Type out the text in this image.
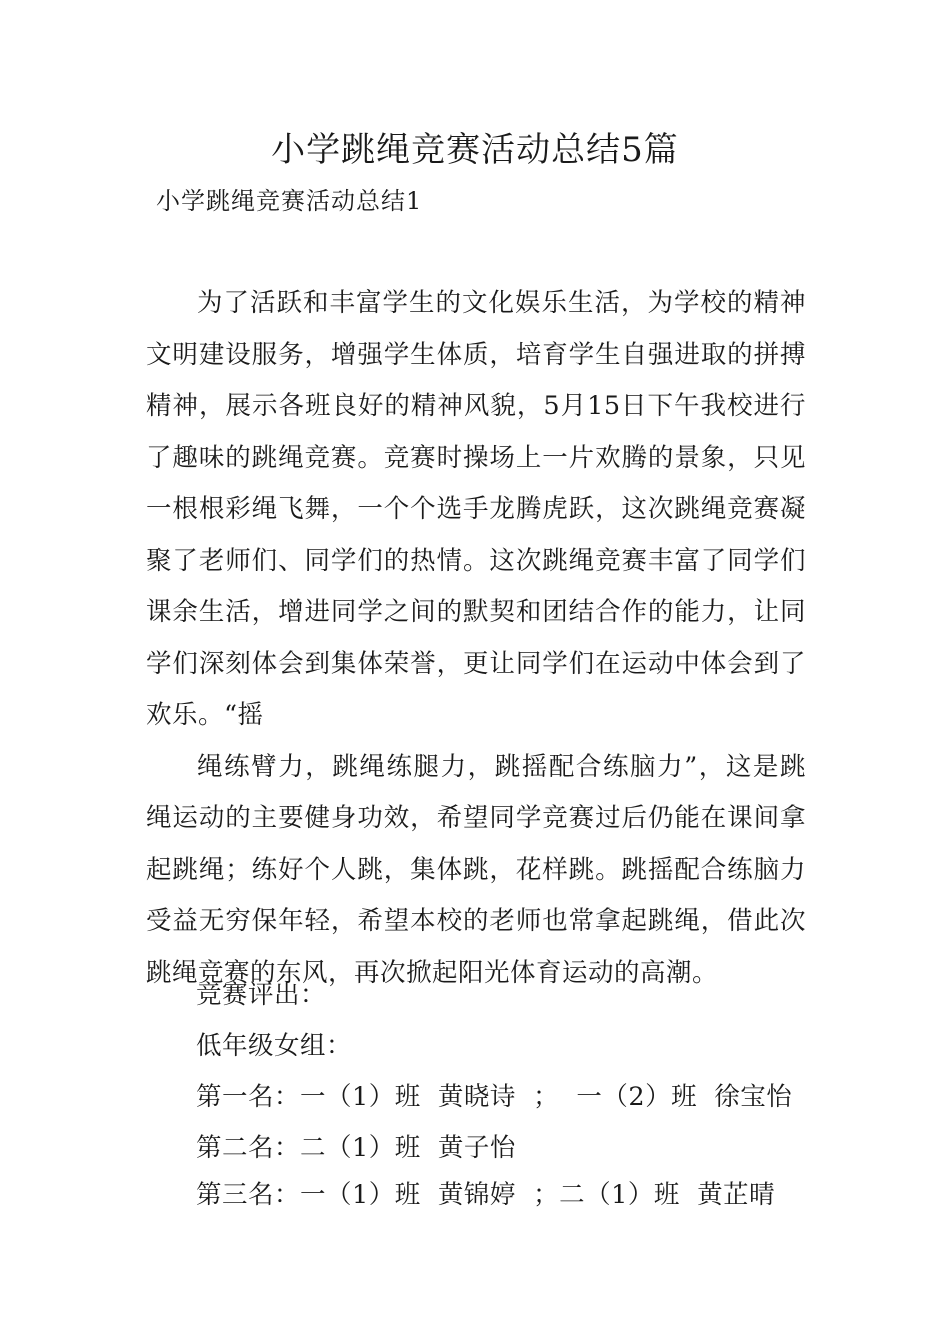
小学跳绳竞赛活动总结5篇
小学跳绳竞赛活动总结1

为了活跃和丰富学生的文化娱乐生活，为学校的精神文明建设服务，增强学生体质，培育学生自强进取的拼搏精神，展示各班良好的精神风貌，5月15日下午我校进行了趣味的跳绳竞赛。竞赛时操场上一片欢腾的景象，只见一根根彩绳飞舞，一个个选手龙腾虎跃，这次跳绳竞赛凝聚了老师们、同学们的热情。这次跳绳竞赛丰富了同学们课余生活，增进同学之间的默契和团结合作的能力，让同学们深刻体会到集体荣誉，更让同学们在运动中体会到了欢乐。“摇

绳练臂力，跳绳练腿力，跳摇配合练脑力”，这是跳绳运动的主要健身功效，希望同学竞赛过后仍能在课间拿起跳绳；练好个人跳，集体跳，花样跳。跳摇配合练脑力受益无穷保年轻，希望本校的老师也常拿起跳绳，借此次跳绳竞赛的东风，再次掀起阳光体育运动的高潮。

竞赛评出：
低年级女组：
第一名：一（1）班  黄晓诗  ；  一（2）班  徐宝怡
第二名：二（1）班  黄子怡
第三名：一（1）班  黄锦婷  ；二（1）班  黄芷晴
